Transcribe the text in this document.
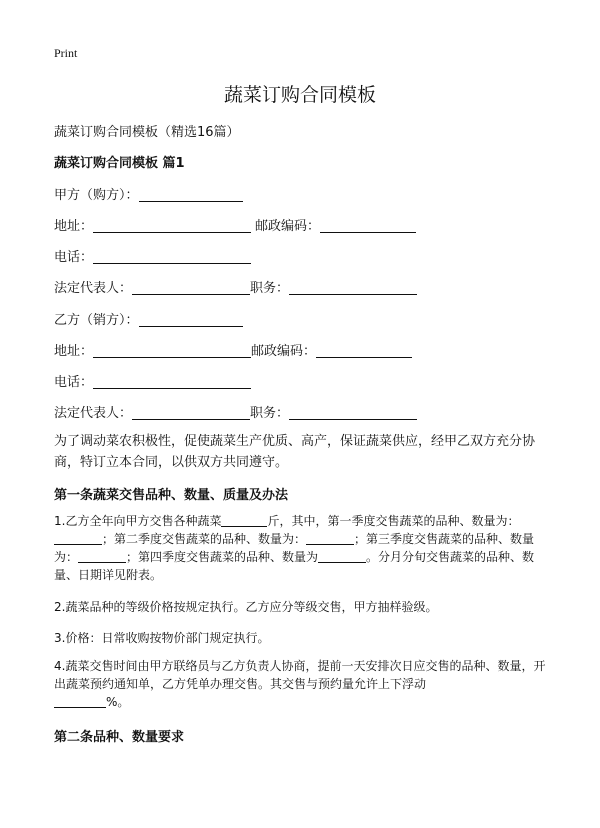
Print
蔬菜订购合同模板
蔬菜订购合同模板（精选16篇）
蔬菜订购合同模板 篇1
甲方（购方）：
地址：	邮政编码：
电话：
法定代表人：	职务：
乙方（销方）：
地址：	邮政编码：
电话：
法定代表人：	职务：
为了调动菜农积极性，促使蔬菜生产优质、高产，保证蔬菜供应，经甲乙双方充分协商，特订立本合同，以供双方共同遵守。
第一条蔬菜交售品种、数量、质量及办法
1.乙方全年向甲方交售各种蔬菜	斤，其中，第一季度交售蔬菜的品种、数量为：；第二季度交售蔬菜的品种、数量为：	；第三季度交售蔬菜的品种、数量为：	；第四季度交售蔬菜的品种、数量为	。分月分旬交售蔬菜的品种、数量、日期详见附表。
2.蔬菜品种的等级价格按规定执行。乙方应分等级交售，甲方抽样验级。
3.价格：日常收购按物价部门规定执行。
4.蔬菜交售时间由甲方联络员与乙方负责人协商，提前一天安排次日应交售的品种、数量，开出蔬菜预约通知单，乙方凭单办理交售。其交售与预约量允许上下浮动
%。
第二条品种、数量要求
